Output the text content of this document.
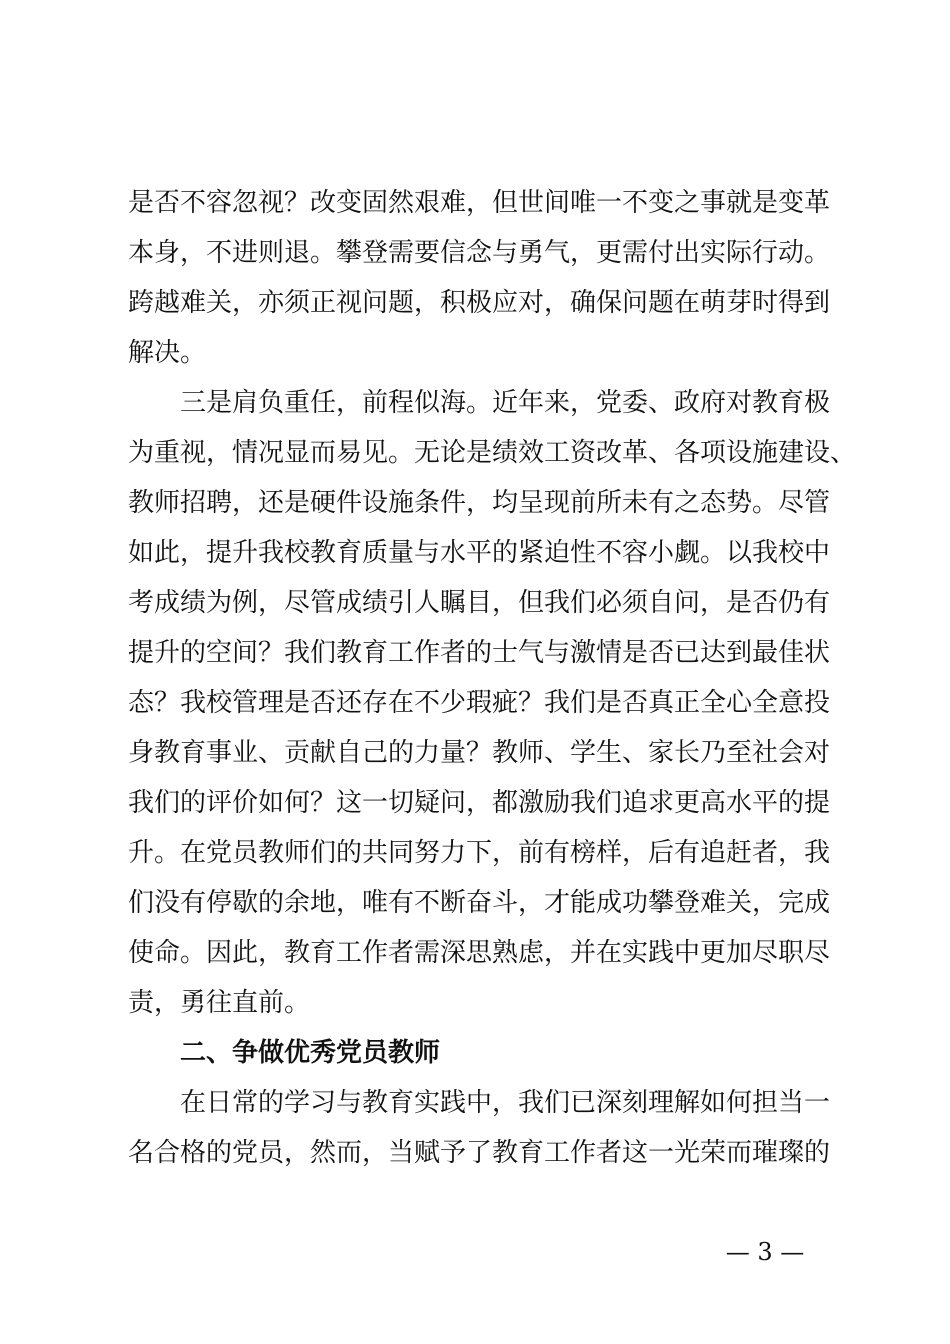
是否不容忽视？改变固然艰难，但世间唯一不变之事就是变革
本身，不进则退。攀登需要信念与勇气，更需付出实际行动。
跨越难关，亦须正视问题，积极应对，确保问题在萌芽时得到
解决。
三是肩负重任，前程似海。近年来，党委、政府对教育极
为重视，情况显而易见。无论是绩效工资改革、各项设施建设、
教师招聘，还是硬件设施条件，均呈现前所未有之态势。尽管
如此，提升我校教育质量与水平的紧迫性不容小觑。以我校中
考成绩为例，尽管成绩引人瞩目，但我们必须自问，是否仍有
提升的空间？我们教育工作者的士气与激情是否已达到最佳状
态？我校管理是否还存在不少瑕疵？我们是否真正全心全意投
身教育事业、贡献自己的力量？教师、学生、家长乃至社会对
我们的评价如何？这一切疑问，都激励我们追求更高水平的提
升。在党员教师们的共同努力下，前有榜样，后有追赶者，我
们没有停歇的余地，唯有不断奋斗，才能成功攀登难关，完成
使命。因此，教育工作者需深思熟虑，并在实践中更加尽职尽
责，勇往直前。
二、争做优秀党员教师
在日常的学习与教育实践中，我们已深刻理解如何担当一
名合格的党员，然而，当赋予了教育工作者这一光荣而璀璨的
— 3 —
